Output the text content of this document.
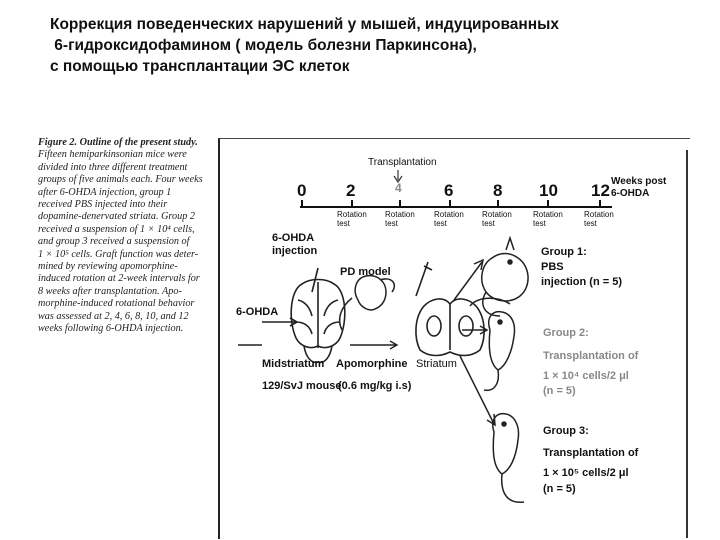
Коррекция поведенческих нарушений у мышей, индуцированных
6-гидроксидофамином ( модель болезни Паркинсона),
с помощью трансплантации ЭС клеток
Figure 2. Outline of the present study.
Fifteen hemiparkinsonian mice were
divided into three different treatment
groups of five animals each. Four weeks
after 6-OHDA injection, group 1
received PBS injected into their
dopamine-denervated striata. Group 2
received a suspension of 1 × 10⁴ cells,
and group 3 received a suspension of
1 × 10⁵ cells. Graft function was deter-
mined by reviewing apomorphine-
induced rotation at 2-week intervals for
8 weeks after transplantation. Apo-
morphine-induced rotational behavior
was assessed at 2, 4, 6, 8, 10, and 12
weeks following 6-OHDA injection.
Transplantation
0 2	4 6 8 10 12 Weeks post
6-OHDA
Rotation
test
Rotation
test
Rotation
test
Rotation
test
Rotation
test
Rotation
test
6-OHDA
injection
PD model
6-OHDA
Midstriatum Apomorphine Striatum
129/SvJ mouse
(0.6 mg/kg i.s)
Group 1:
PBS
injection (n = 5)
Group 2:
Transplantation of
1 × 10⁴ cells/2 μl
(n = 5)
Group 3:
Transplantation of
1 × 10⁵ cells/2 μl
(n = 5)
